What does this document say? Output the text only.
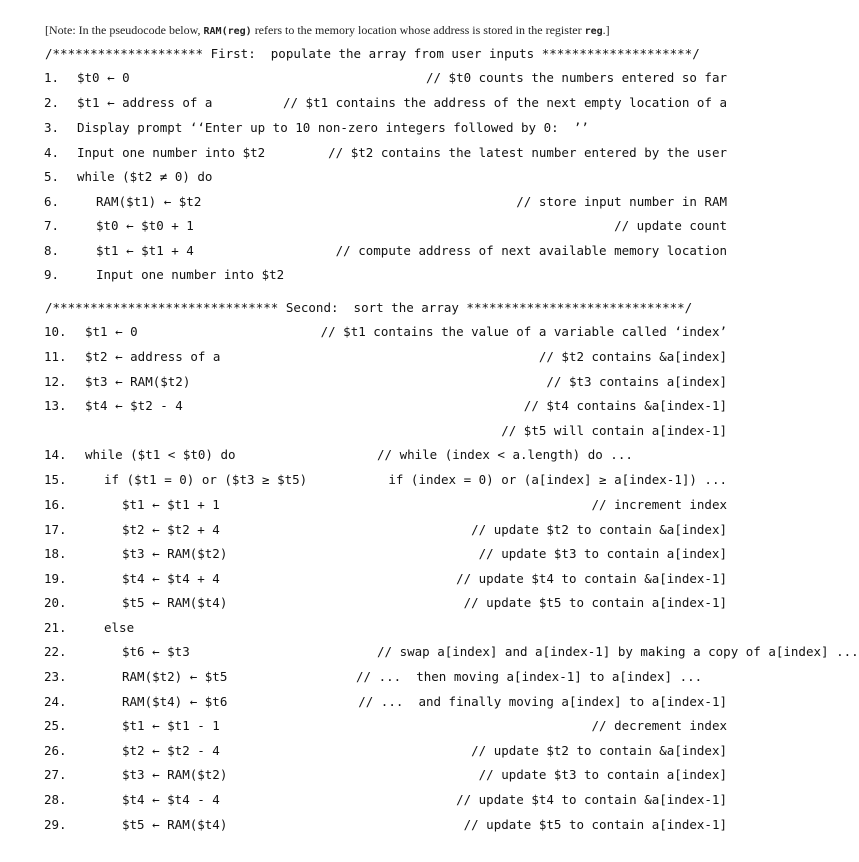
[Note: In the pseudocode below, RAM(reg) refers to the memory location whose address is stored in the register reg.]
/******************** First:  populate the array from user inputs ********************/
/****************************** Second:  sort the array *****************************/
1. $t0 ← 0	// $t0 counts the numbers entered so far
2. $t1 ← address of a	// $t1 contains the address of the next empty location of a
3. Display prompt ‘‘Enter up to 10 non-zero integers followed by 0:  ’’
4. Input one number into $t2	// $t2 contains the latest number entered by the user
5. while ($t2 ≠ 0) do
6.	RAM($t1) ← $t2	// store input number in RAM
7.	$t0 ← $t0 + 1	// update count
8.	$t1 ← $t1 + 4	// compute address of next available memory location
9.	Input one number into $t2
10. $t1 ← 0	// $t1 contains the value of a variable called ‘index’
11. $t2 ← address of a	// $t2 contains &a[index]
12. $t3 ← RAM($t2)	// $t3 contains a[index]
13. $t4 ← $t2 - 4	// $t4 contains &a[index-1]
// $t5 will contain a[index-1]
14. while ($t1 < $t0) do	// while (index < a.length) do ...
15.	if ($t1 = 0) or ($t3 ≥ $t5)	if (index = 0) or (a[index] ≥ a[index-1]) ...
16.	$t1 ← $t1 + 1	// increment index
17.	$t2 ← $t2 + 4	// update $t2 to contain &a[index]
18.	$t3 ← RAM($t2)	// update $t3 to contain a[index]
19.	$t4 ← $t4 + 4	// update $t4 to contain &a[index-1]
20.	$t5 ← RAM($t4)	// update $t5 to contain a[index-1]
21.	else
22.	$t6 ← $t3	// swap a[index] and a[index-1] by making a copy of a[index] ...
23.	RAM($t2) ← $t5	// ...  then moving a[index-1] to a[index] ...
24.	RAM($t4) ← $t6	// ...  and finally moving a[index] to a[index-1]
25.	$t1 ← $t1 - 1	// decrement index
26.	$t2 ← $t2 - 4	// update $t2 to contain &a[index]
27.	$t3 ← RAM($t2)	// update $t3 to contain a[index]
28.	$t4 ← $t4 - 4	// update $t4 to contain &a[index-1]
29.	$t5 ← RAM($t4)	// update $t5 to contain a[index-1]
